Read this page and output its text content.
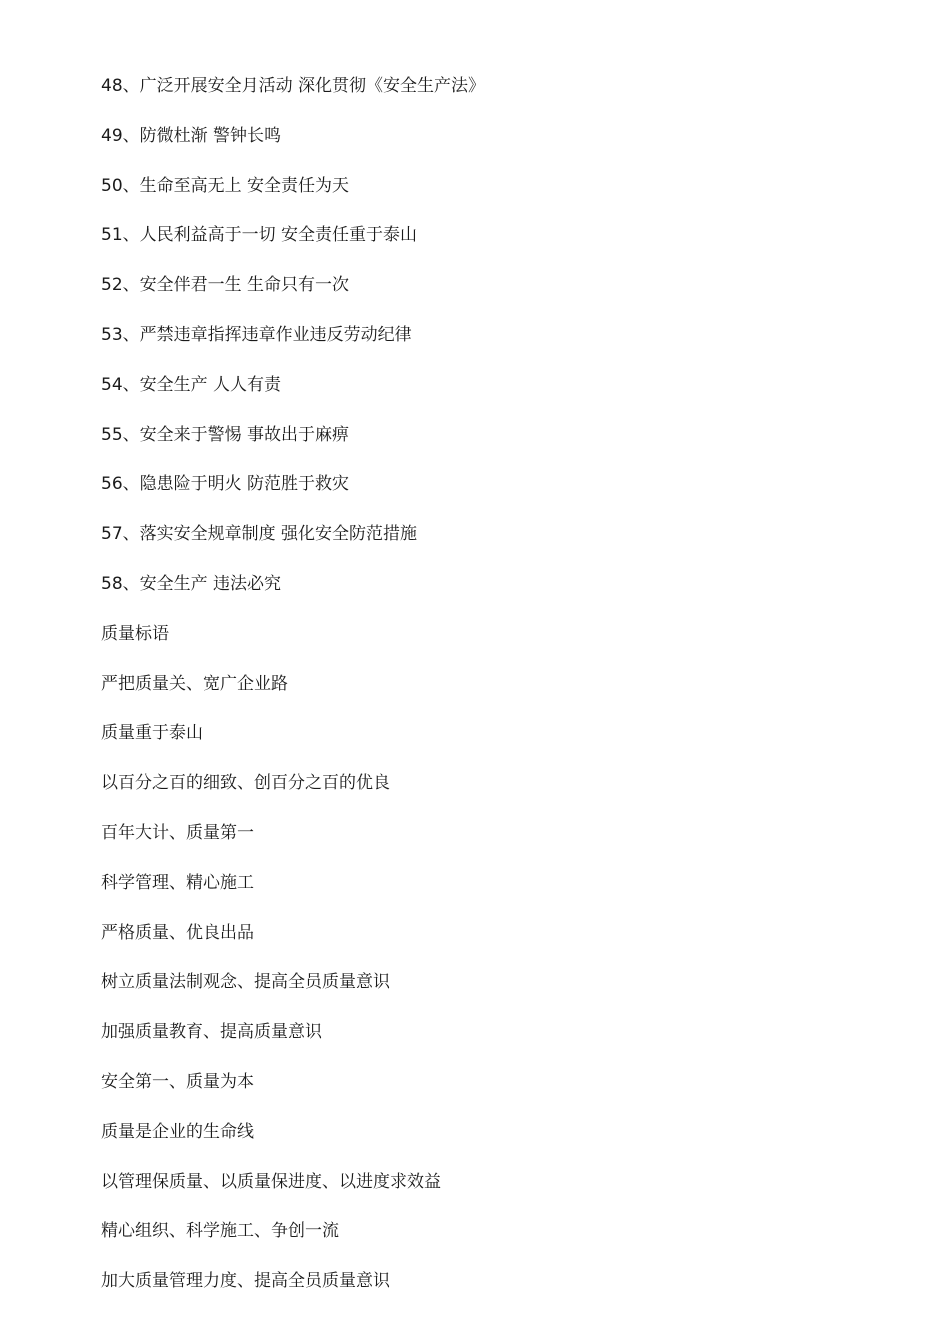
48、广泛开展安全月活动 深化贯彻《安全生产法》
49、防微杜渐 警钟长鸣
50、生命至高无上 安全责任为天
51、人民利益高于一切 安全责任重于泰山
52、安全伴君一生 生命只有一次
53、严禁违章指挥违章作业违反劳动纪律
54、安全生产 人人有责
55、安全来于警惕 事故出于麻痹
56、隐患险于明火 防范胜于救灾
57、落实安全规章制度 强化安全防范措施
58、安全生产 违法必究
质量标语
严把质量关、宽广企业路
质量重于泰山
以百分之百的细致、创百分之百的优良
百年大计、质量第一
科学管理、精心施工
严格质量、优良出品
树立质量法制观念、提高全员质量意识
加强质量教育、提高质量意识
安全第一、质量为本
质量是企业的生命线
以管理保质量、以质量保进度、以进度求效益
精心组织、科学施工、争创一流
加大质量管理力度、提高全员质量意识
